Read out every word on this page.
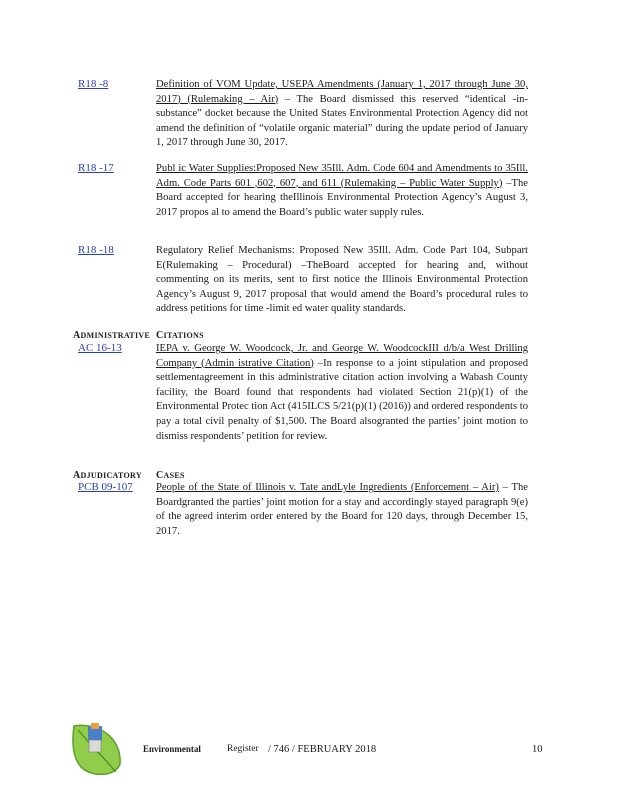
R18 -8	Definition of VOM Update, USEPA Amendments (January 1, 2017 through June 30, 2017) (Rulemaking – Air) – The Board dismissed this reserved “identical -in-substance” docket because the United States Environmental Protection Agency did not amend the definition of “volatile organic material” during the update period of January 1, 2017 through June 30, 2017.
R18 -17	Publ ic Water Supplies:Proposed New 35Ill. Adm. Code 604 and Amendments to 35Ill. Adm. Code Parts 601 ,602, 607, and 611 (Rulemaking – Public Water Supply) –The Board accepted for hearing theIllinois Environmental Protection Agency’s August 3, 2017 propos al to amend the Board’s public water supply rules.
R18 -18	Regulatory Relief Mechanisms: Proposed New 35Ill. Adm. Code Part 104, Subpart E(Rulemaking – Procedural) –TheBoard accepted for hearing and, without commenting on its merits, sent to first notice the Illinois Environmental Protection Agency’s August 9, 2017 proposal that would amend the Board’s procedural rules to address petitions for time -limit ed water quality standards.
ADMINISTRATIVE CITATIONS
AC 16-13	IEPA v. George W. Woodcock, Jr. and George W. WoodcockIII d/b/a West Drilling Company (Admin istrative Citation) –In response to a joint stipulation and proposed settlementagreement in this administrative citation action involving a Wabash County facility, the Board found that respondents had violated Section 21(p)(1) of the Environmental Protec tion Act (415ILCS 5/21(p)(1) (2016)) and ordered respondents to pay a total civil penalty of $1,500. The Board alsogranted the parties’ joint motion to dismiss respondents’ petition for review.
ADJUDICATORY CASES
PCB 09-107 People of the State of Illinois v. Tate andLyle Ingredients (Enforcement – Air) – The Boardgranted the parties’ joint motion for a stay and accordingly stayed paragraph 9(e) of the agreed interim order entered by the Board for 120 days, through December 15, 2017.
Environmental	Register / 746 / FEBRUARY 2018	10
